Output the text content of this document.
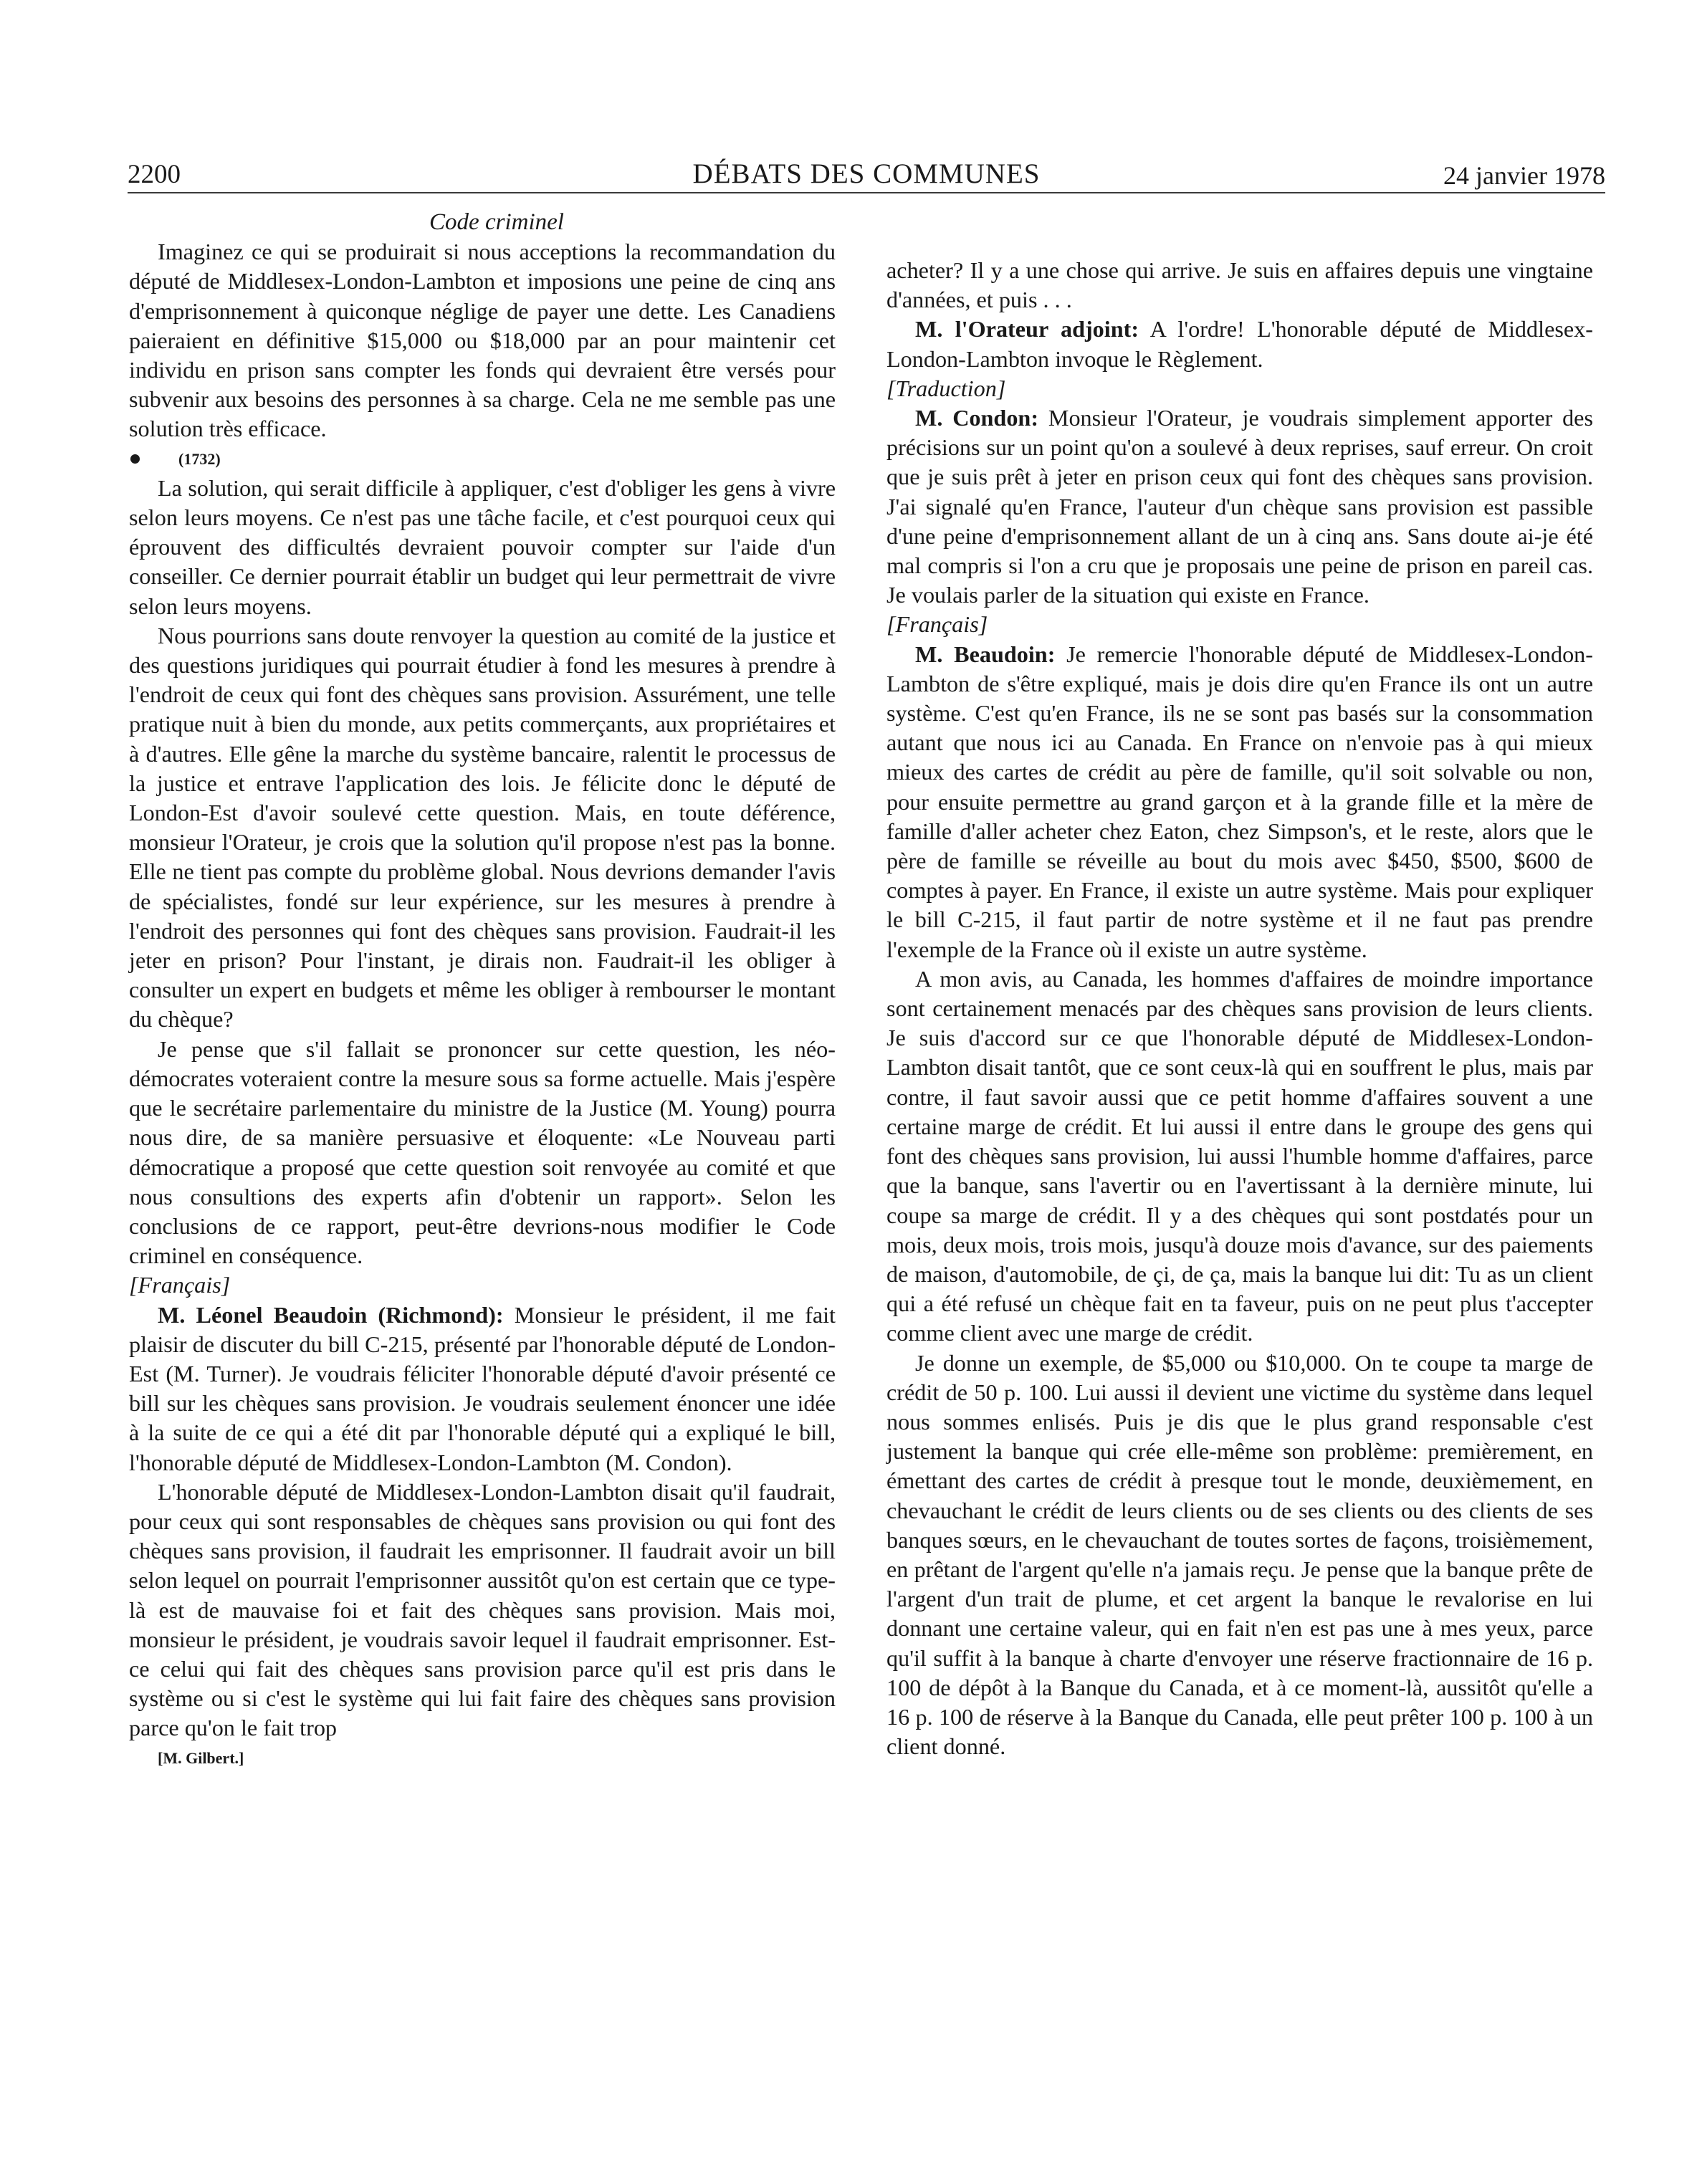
2200	DÉBATS DES COMMUNES	24 janvier 1978

Code criminel

Imaginez ce qui se produirait si nous acceptions la recommandation du député de Middlesex-London-Lambton et imposions une peine de cinq ans d'emprisonnement à quiconque néglige de payer une dette. Les Canadiens paieraient en définitive $15,000 ou $18,000 par an pour maintenir cet individu en prison sans compter les fonds qui devraient être versés pour subvenir aux besoins des personnes à sa charge. Cela ne me semble pas une solution très efficace.

(1732)

La solution, qui serait difficile à appliquer, c'est d'obliger les gens à vivre selon leurs moyens. Ce n'est pas une tâche facile, et c'est pourquoi ceux qui éprouvent des difficultés devraient pouvoir compter sur l'aide d'un conseiller. Ce dernier pourrait établir un budget qui leur permettrait de vivre selon leurs moyens.

Nous pourrions sans doute renvoyer la question au comité de la justice et des questions juridiques qui pourrait étudier à fond les mesures à prendre à l'endroit de ceux qui font des chèques sans provision. Assurément, une telle pratique nuit à bien du monde, aux petits commerçants, aux propriétaires et à d'autres. Elle gêne la marche du système bancaire, ralentit le processus de la justice et entrave l'application des lois. Je félicite donc le député de London-Est d'avoir soulevé cette question. Mais, en toute déférence, monsieur l'Orateur, je crois que la solution qu'il propose n'est pas la bonne. Elle ne tient pas compte du problème global. Nous devrions demander l'avis de spécialistes, fondé sur leur expérience, sur les mesures à prendre à l'endroit des personnes qui font des chèques sans provision. Faudrait-il les jeter en prison? Pour l'instant, je dirais non. Faudrait-il les obliger à consulter un expert en budgets et même les obliger à rembourser le montant du chèque?

Je pense que s'il fallait se prononcer sur cette question, les néo-démocrates voteraient contre la mesure sous sa forme actuelle. Mais j'espère que le secrétaire parlementaire du ministre de la Justice (M. Young) pourra nous dire, de sa manière persuasive et éloquente: «Le Nouveau parti démocratique a proposé que cette question soit renvoyée au comité et que nous consultions des experts afin d'obtenir un rapport». Selon les conclusions de ce rapport, peut-être devrions-nous modifier le Code criminel en conséquence.

[Français]

M. Léonel Beaudoin (Richmond): Monsieur le président, il me fait plaisir de discuter du bill C-215, présenté par l'honorable député de London-Est (M. Turner). Je voudrais féliciter l'honorable député d'avoir présenté ce bill sur les chèques sans provision. Je voudrais seulement énoncer une idée à la suite de ce qui a été dit par l'honorable député qui a expliqué le bill, l'honorable député de Middlesex-London-Lambton (M. Condon).

L'honorable député de Middlesex-London-Lambton disait qu'il faudrait, pour ceux qui sont responsables de chèques sans provision ou qui font des chèques sans provision, il faudrait les emprisonner. Il faudrait avoir un bill selon lequel on pourrait l'emprisonner aussitôt qu'on est certain que ce type-là est de mauvaise foi et fait des chèques sans provision. Mais moi, monsieur le président, je voudrais savoir lequel il faudrait emprisonner. Est-ce celui qui fait des chèques sans provision parce qu'il est pris dans le système ou si c'est le système qui lui fait faire des chèques sans provision parce qu'on le fait trop

[M. Gilbert.]

acheter? Il y a une chose qui arrive. Je suis en affaires depuis une vingtaine d'années, et puis . . .

M. l'Orateur adjoint: A l'ordre! L'honorable député de Middlesex-London-Lambton invoque le Règlement.

[Traduction]

M. Condon: Monsieur l'Orateur, je voudrais simplement apporter des précisions sur un point qu'on a soulevé à deux reprises, sauf erreur. On croit que je suis prêt à jeter en prison ceux qui font des chèques sans provision. J'ai signalé qu'en France, l'auteur d'un chèque sans provision est passible d'une peine d'emprisonnement allant de un à cinq ans. Sans doute ai-je été mal compris si l'on a cru que je proposais une peine de prison en pareil cas. Je voulais parler de la situation qui existe en France.

[Français]

M. Beaudoin: Je remercie l'honorable député de Middlesex-London-Lambton de s'être expliqué, mais je dois dire qu'en France ils ont un autre système. C'est qu'en France, ils ne se sont pas basés sur la consommation autant que nous ici au Canada. En France on n'envoie pas à qui mieux mieux des cartes de crédit au père de famille, qu'il soit solvable ou non, pour ensuite permettre au grand garçon et à la grande fille et la mère de famille d'aller acheter chez Eaton, chez Simpson's, et le reste, alors que le père de famille se réveille au bout du mois avec $450, $500, $600 de comptes à payer. En France, il existe un autre système. Mais pour expliquer le bill C-215, il faut partir de notre système et il ne faut pas prendre l'exemple de la France où il existe un autre système.

A mon avis, au Canada, les hommes d'affaires de moindre importance sont certainement menacés par des chèques sans provision de leurs clients. Je suis d'accord sur ce que l'honorable député de Middlesex-London-Lambton disait tantôt, que ce sont ceux-là qui en souffrent le plus, mais par contre, il faut savoir aussi que ce petit homme d'affaires souvent a une certaine marge de crédit. Et lui aussi il entre dans le groupe des gens qui font des chèques sans provision, lui aussi l'humble homme d'affaires, parce que la banque, sans l'avertir ou en l'avertissant à la dernière minute, lui coupe sa marge de crédit. Il y a des chèques qui sont postdatés pour un mois, deux mois, trois mois, jusqu'à douze mois d'avance, sur des paiements de maison, d'automobile, de çi, de ça, mais la banque lui dit: Tu as un client qui a été refusé un chèque fait en ta faveur, puis on ne peut plus t'accepter comme client avec une marge de crédit.

Je donne un exemple, de $5,000 ou $10,000. On te coupe ta marge de crédit de 50 p. 100. Lui aussi il devient une victime du système dans lequel nous sommes enlisés. Puis je dis que le plus grand responsable c'est justement la banque qui crée elle-même son problème: premièrement, en émettant des cartes de crédit à presque tout le monde, deuxièmement, en chevauchant le crédit de leurs clients ou de ses clients ou des clients de ses banques sœurs, en le chevauchant de toutes sortes de façons, troisièmement, en prêtant de l'argent qu'elle n'a jamais reçu. Je pense que la banque prête de l'argent d'un trait de plume, et cet argent la banque le revalorise en lui donnant une certaine valeur, qui en fait n'en est pas une à mes yeux, parce qu'il suffit à la banque à charte d'envoyer une réserve fractionnaire de 16 p. 100 de dépôt à la Banque du Canada, et à ce moment-là, aussitôt qu'elle a 16 p. 100 de réserve à la Banque du Canada, elle peut prêter 100 p. 100 à un client donné.
